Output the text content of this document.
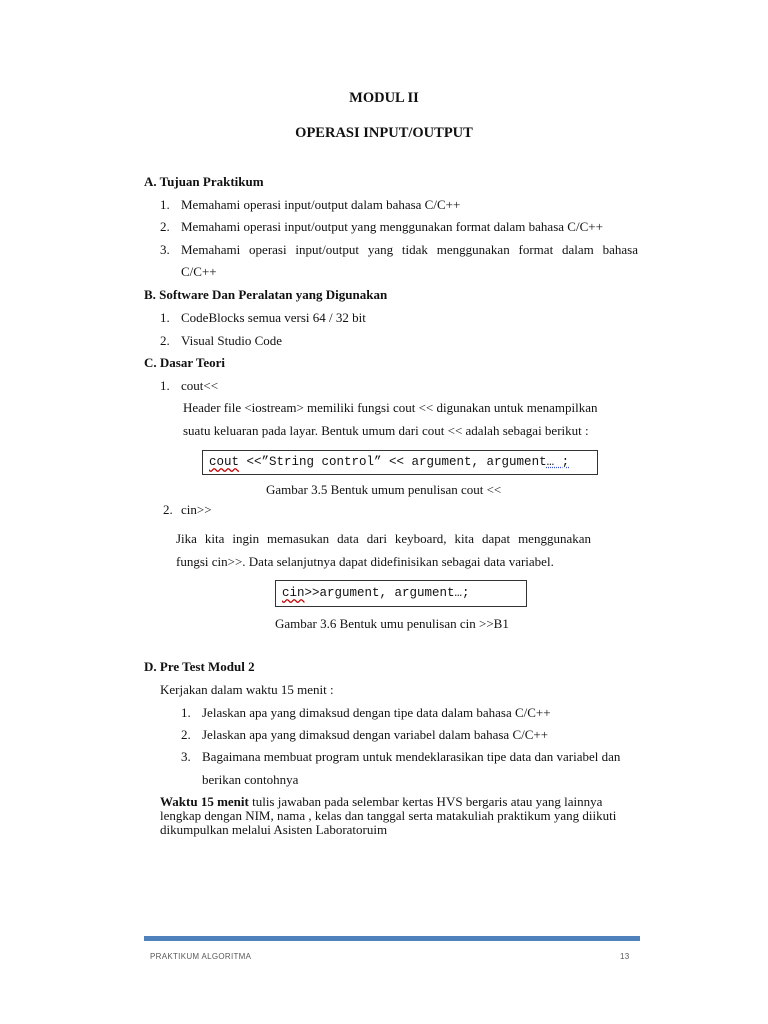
MODUL II
OPERASI INPUT/OUTPUT
A. Tujuan Praktikum
1. Memahami operasi input/output dalam bahasa C/C++
2. Memahami operasi input/output yang menggunakan format dalam bahasa C/C++
3. Memahami operasi input/output yang tidak menggunakan format dalam bahasa
C/C++
B. Software Dan Peralatan yang Digunakan
1. CodeBlocks semua versi 64 / 32 bit
2. Visual Studio Code
C. Dasar Teori
1. cout<<
Header file <iostream> memiliki fungsi cout << digunakan untuk menampilkan
suatu keluaran pada layar. Bentuk umum dari cout << adalah sebagai berikut :
cout <<”String control” << argument, argument… ;
Gambar 3.5 Bentuk umum penulisan cout <<
2. cin>>
Jika kita ingin memasukan data dari keyboard, kita dapat menggunakan
fungsi cin>>. Data selanjutnya dapat didefinisikan sebagai data variabel.
cin>>argument, argument…;
Gambar 3.6 Bentuk umu penulisan cin >>B1
D. Pre Test Modul 2
Kerjakan dalam waktu 15 menit :
1. Jelaskan apa yang dimaksud dengan tipe data dalam bahasa C/C++
2. Jelaskan apa yang dimaksud dengan variabel dalam bahasa C/C++
3. Bagaimana membuat program untuk mendeklarasikan tipe data dan variabel dan
berikan contohnya
Waktu 15 menit tulis jawaban pada selembar kertas HVS bergaris atau yang lainnya
lengkap dengan NIM, nama , kelas dan tanggal serta matakuliah praktikum yang diikuti
dikumpulkan melalui Asisten Laboratoruim
PRAKTIKUM ALGORITMA	13
